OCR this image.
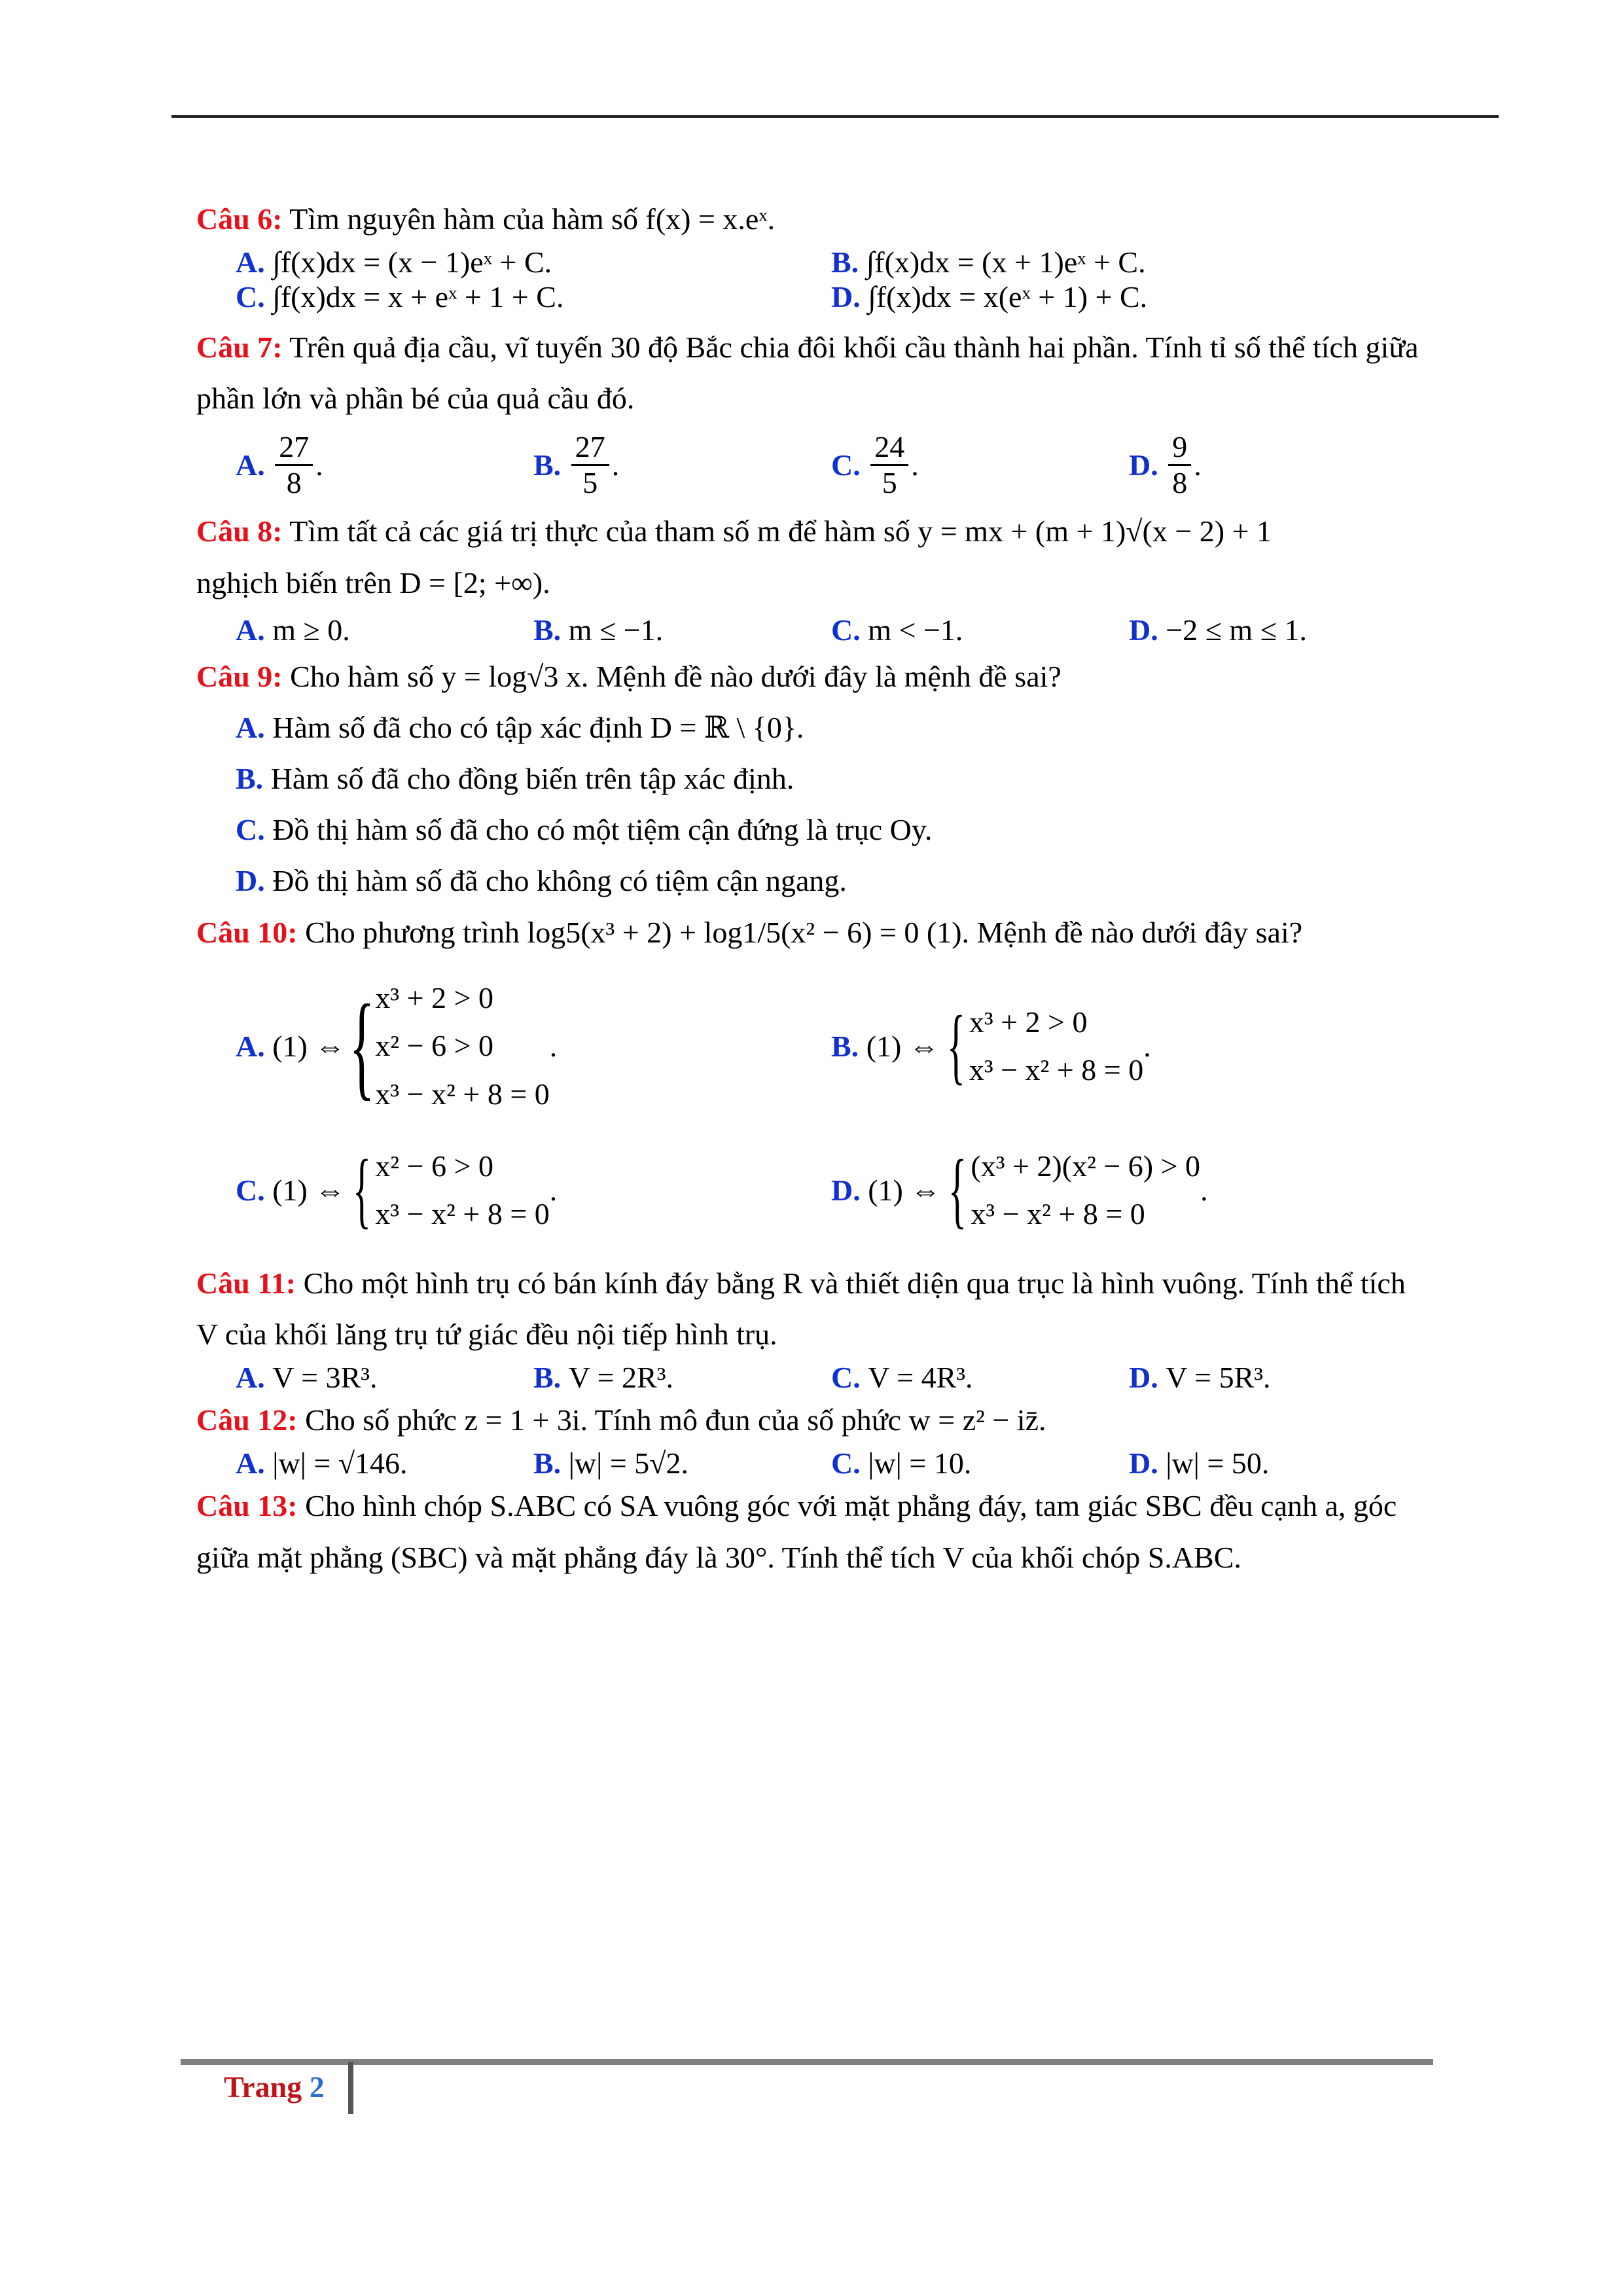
Câu 6: Tìm nguyên hàm của hàm số f(x) = x.eˣ.

A.
∫f(x)dx = (x − 1)eˣ + C.	B.
∫f(x)dx = (x + 1)eˣ + C.
C.
∫f(x)dx = x + eˣ + 1 + C.	D.
∫f(x)dx = x(eˣ + 1) + C.

Câu 7: Trên quả địa cầu, vĩ tuyến 30 độ Bắc chia đôi khối cầu thành hai phần. Tính tỉ số thể tích giữa phần lớn và phần bé của quả cầu đó.

A.
$\frac{27}{8}$ .	B.
$\frac{27}{5}$ .	C.
$\frac{24}{5}$ .	D.
$\frac{9}{8}$ .

Câu 8: Tìm tất cả các giá trị thực của tham số m để hàm số y = mx + (m + 1)√(x − 2) + 1

nghịch biến trên D = [2; +∞).

A.
m ≥ 0.	B.
m ≤ −1.	C.
m < −1.	D.
−2 ≤ m ≤ 1.

Câu 9: Cho hàm số y = log√3 x. Mệnh đề nào dưới đây là mệnh đề sai?

A. Hàm số đã cho có tập xác định D = ℝ \ {0}.

B. Hàm số đã cho đồng biến trên tập xác định.

C. Đồ thị hàm số đã cho có một tiệm cận đứng là trục Oy.

D. Đồ thị hàm số đã cho không có tiệm cận ngang.

Câu 10: Cho phương trình log5(x³ + 2) + log1/5(x² − 6) = 0 (1). Mệnh đề nào dưới đây sai?

A.
(1) ⇔ { x³ + 2 > 0
x² − 6 > 0
x³ − x² + 8 = 0
.	B.
(1) ⇔ { x³ + 2 > 0
x³ − x² + 8 = 0
.
C.
(1) ⇔ { x² − 6 > 0
x³ − x² + 8 = 0
.	D.
(1) ⇔ { (x³ + 2)(x² − 6) > 0
x³ − x² + 8 = 0
.

Câu 11: Cho một hình trụ có bán kính đáy bằng R và thiết diện qua trục là hình vuông. Tính thể tích V của khối lăng trụ tứ giác đều nội tiếp hình trụ.

A.
V = 3R³.	B.
V = 2R³.	C.
V = 4R³.	D.
V = 5R³.

Câu 12: Cho số phức z = 1 + 3i. Tính mô đun của số phức w = z² − iz̄.

A.
|w| = √146.	B.
|w| = 5√2.	C.
|w| = 10.	D.
|w| = 50.

Câu 13: Cho hình chóp S.ABC có SA vuông góc với mặt phẳng đáy, tam giác SBC đều cạnh a, góc giữa mặt phẳng (SBC) và mặt phẳng đáy là 30°. Tính thể tích V của khối chóp S.ABC.

Trang 2
